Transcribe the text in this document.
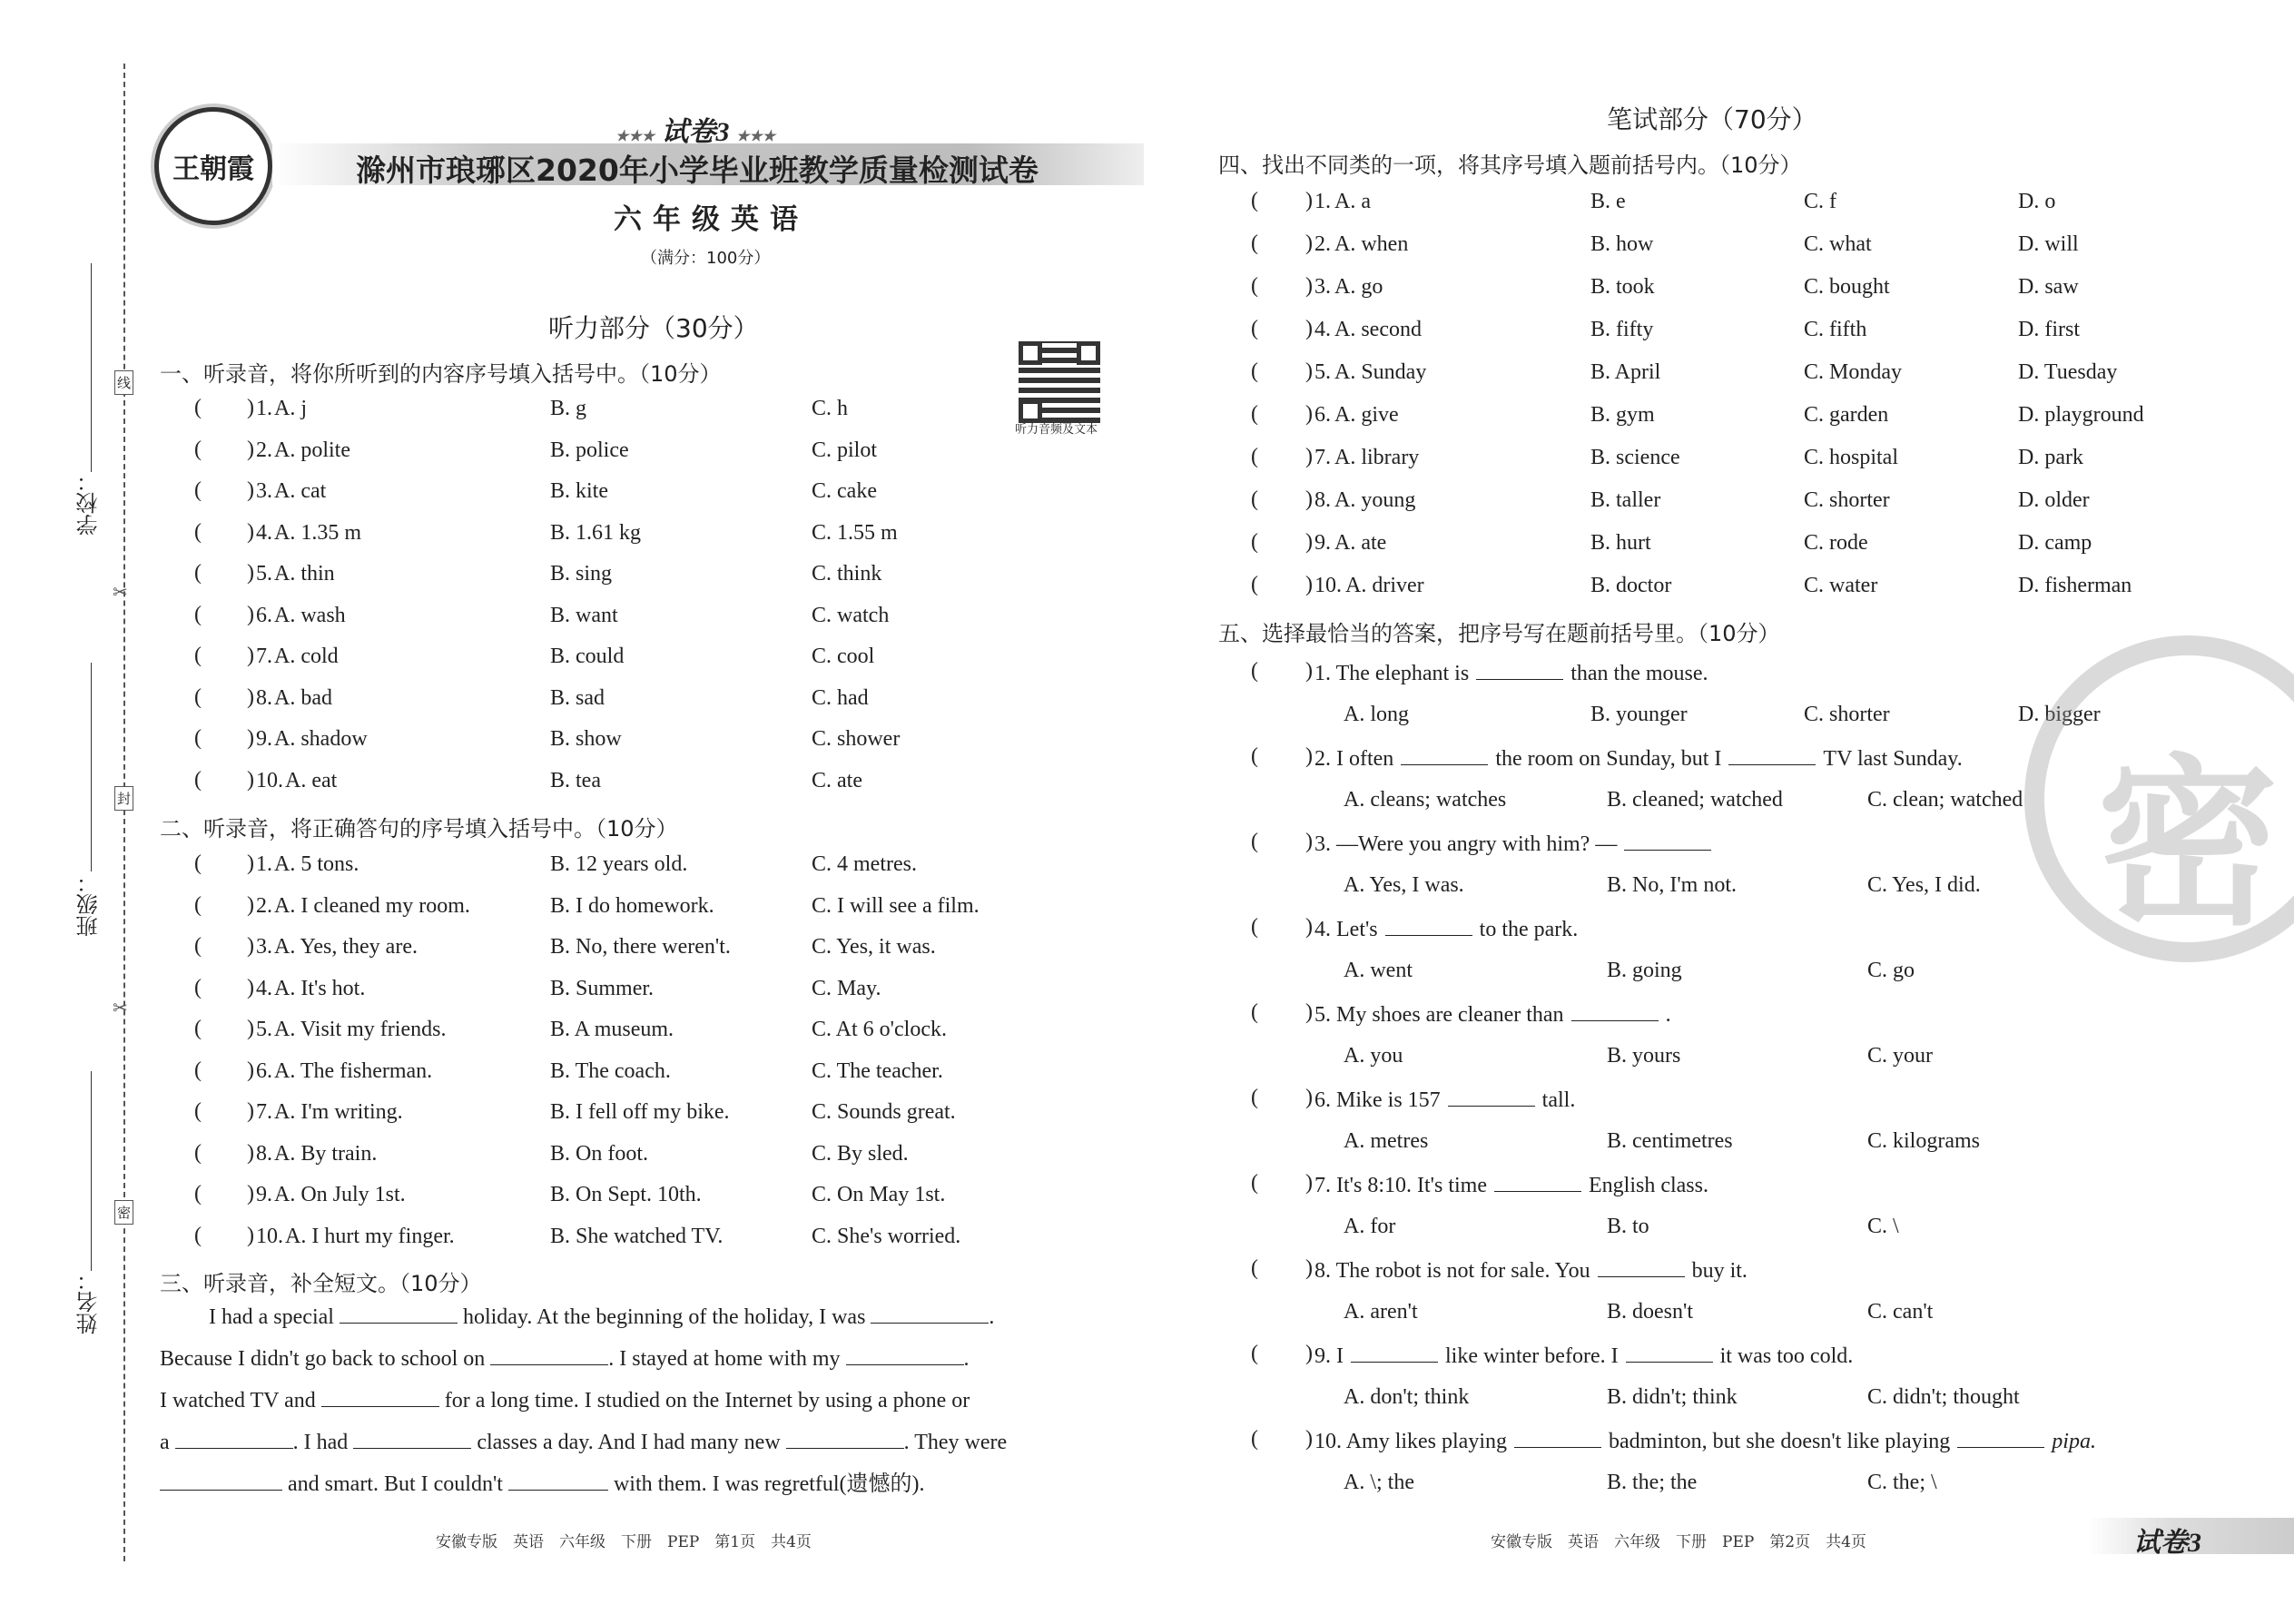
学校：
班级：
姓名：
线
封
密
✂
✂
王朝霞
★★★ 试卷3 ★★★
滁州市琅琊区2020年小学毕业班教学质量检测试卷
六年级英语
（满分：100分）
听力音频及文本
听力部分（30分）
一、听录音，将你所听到的内容序号填入括号中。（10分）
( ) 1 . A. j	B. g	C. h
( ) 2 . A. polite	B. police	C. pilot
( ) 3 . A. cat	B. kite	C. cake
( ) 4 . A. 1.35 m	B. 1.61 kg	C. 1.55 m
( ) 5 . A. thin	B. sing	C. think
( ) 6 . A. wash	B. want	C. watch
( ) 7 . A. cold	B. could	C. cool
( ) 8 . A. bad	B. sad	C. had
( ) 9 . A. shadow	B. show	C. shower
( ) 10 . A. eat	B. tea	C. ate
二、听录音，将正确答句的序号填入括号中。（10分）
( ) 1 . A. 5 tons.	B. 12 years old.	C. 4 metres.
( ) 2 . A. I cleaned my room.	B. I do homework.	C. I will see a film.
( ) 3 . A. Yes, they are.	B. No, there weren't.	C. Yes, it was.
( ) 4 . A. It's hot.	B. Summer.	C. May.
( ) 5 . A. Visit my friends.	B. A museum.	C. At 6 o'clock.
( ) 6 . A. The fisherman.	B. The coach.	C. The teacher.
( ) 7 . A. I'm writing.	B. I fell off my bike.	C. Sounds great.
( ) 8 . A. By train.	B. On foot.	C. By sled.
( ) 9 . A. On July 1st.	B. On Sept. 10th.	C. On May 1st.
( ) 10 . A. I hurt my finger.	B. She watched TV.	C. She's worried.
三、听录音，补全短文。（10分）
I had a special	holiday. At the beginning of the holiday, I was	.
Because I didn't go back to school on	. I stayed at home with my	.
I watched TV and	for a long time. I studied on the Internet by using a phone or
a	. I had	classes a day. And I had many new	. They were
and smart. But I couldn't	with them. I was regretful(遗憾的).
安徽专版　英语　六年级　下册　PEP　第1页　共4页
笔试部分（70分）
四、找出不同类的一项，将其序号填入题前括号内。（10分）
( ) 1 . A. a	B. e	C. f	D. o
( ) 2 . A. when	B. how	C. what	D. will
( ) 3 . A. go	B. took	C. bought	D. saw
( ) 4 . A. second	B. fifty	C. fifth	D. first
( ) 5 . A. Sunday	B. April	C. Monday	D. Tuesday
( ) 6 . A. give	B. gym	C. garden	D. playground
( ) 7 . A. library	B. science	C. hospital	D. park
( ) 8 . A. young	B. taller	C. shorter	D. older
( ) 9 . A. ate	B. hurt	C. rode	D. camp
( ) 10 . A. driver	B. doctor	C. water	D. fisherman
五、选择最恰当的答案，把序号写在题前括号里。（10分）
( ) 1. The elephant is	than the mouse.
A. long	B. younger	C. shorter	D. bigger
( ) 2. I often	the room on Sunday, but I	TV last Sunday.
A. cleans; watches	B. cleaned; watched	C. clean; watched
( ) 3. —Were you angry with him? —
A. Yes, I was.	B. No, I'm not.	C. Yes, I did.
( ) 4. Let's	to the park.
A. went	B. going	C. go
( ) 5. My shoes are cleaner than	.
A. you	B. yours	C. your
( ) 6. Mike is 157	tall.
A. metres	B. centimetres	C. kilograms
( ) 7. It's 8:10. It's time	English class.
A. for	B. to	C. \
( ) 8. The robot is not for sale. You	buy it.
A. aren't	B. doesn't	C. can't
( ) 9. I	like winter before. I	it was too cold.
A. don't; think	B. didn't; think	C. didn't; thought
( ) 10. Amy likes playing	badminton, but she doesn't like playing	pipa.
A. \; the	B. the; the	C. the; \
密
安徽专版　英语　六年级　下册　PEP　第2页　共4页	试卷3
